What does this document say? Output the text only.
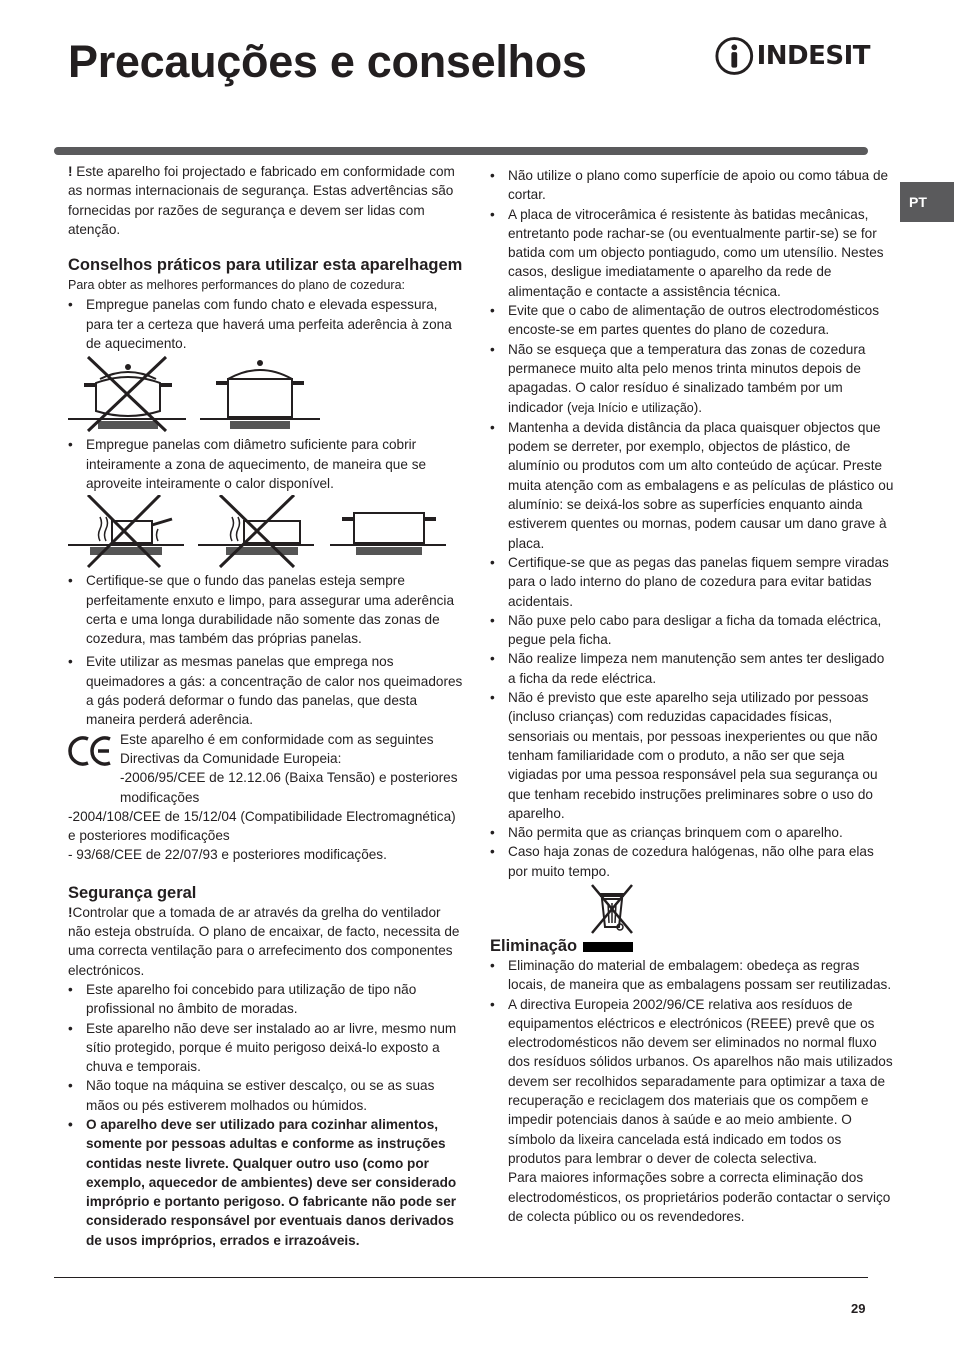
Precauções e conselhos	INDESIT
PT

! Este aparelho foi projectado e fabricado em conformidade com as normas internacionais de segurança. Estas advertências são fornecidas por razões de segurança e devem ser lidas com atenção.

Conselhos práticos para utilizar esta aparelhagem

Para obter as melhores performances do plano de cozedura:

• Empregue panelas com fundo chato e elevada espessura, para ter a certeza que haverá uma perfeita aderência à zona de aquecimento.
• Empregue panelas com diâmetro suficiente para cobrir inteiramente a zona de aquecimento, de maneira que se aproveite inteiramente o calor disponível.
• Certifique-se que o fundo das panelas esteja sempre perfeitamente enxuto e limpo, para assegurar uma aderência certa e uma longa durabilidade não somente das zonas de cozedura, mas também das próprias panelas.
• Evite utilizar as mesmas panelas que emprega nos queimadores a gás: a concentração de calor nos queimadores a gás poderá deformar o fundo das panelas, que desta maneira perderá aderência.

Este aparelho é em conformidade com as seguintes Directivas da Comunidade Europeia:

-2006/95/CEE de 12.12.06 (Baixa Tensão) e posteriores modificações

-2004/108/CEE de 15/12/04 (Compatibilidade Electromagnética) e posteriores modificações

- 93/68/CEE de 22/07/93 e posteriores modificações.

Segurança geral

!Controlar que a tomada de ar através da grelha do ventilador não esteja obstruída. O plano de encaixar, de facto, necessita de uma correcta ventilação para o arrefecimento dos componentes electrónicos.

• Este aparelho foi concebido para utilização de tipo não profissional no âmbito de moradas.
• Este aparelho não deve ser instalado ao ar livre, mesmo num sítio protegido, porque é muito perigoso deixá-lo exposto a chuva e temporais.
• Não toque na máquina se estiver descalço, ou se as suas mãos ou pés estiverem molhados ou húmidos.
• O aparelho deve ser utilizado para cozinhar alimentos, somente por pessoas adultas e conforme as instruções contidas neste livrete. Qualquer outro uso (como por exemplo, aquecedor de ambientes) deve ser considerado impróprio e portanto perigoso. O fabricante não pode ser considerado responsável por eventuais danos derivados de usos impróprios, errados e irrazoáveis.
• Não utilize o plano como superfície de apoio ou como tábua de cortar.
• A placa de vitrocerâmica é resistente às batidas mecânicas, entretanto pode rachar-se (ou eventualmente partir-se) se for batida com um objecto pontiagudo, como um utensílio. Nestes casos, desligue imediatamente o aparelho da rede de alimentação e contacte a assistência técnica.
• Evite que o cabo de alimentação de outros electrodomésticos encoste-se em partes quentes do plano de cozedura.
• Não se esqueça que a temperatura das zonas de cozedura permanece muito alta pelo menos trinta minutos depois de apagadas. O calor resíduo é sinalizado também por um indicador (veja Início e utilização).
• Mantenha a devida distância da placa quaisquer objectos que podem se derreter, por exemplo, objectos de plástico, de alumínio ou produtos com um alto conteúdo de açúcar. Preste muita atenção com as embalagens e as películas de plástico ou alumínio: se deixá-los sobre as superfícies enquanto ainda estiverem quentes ou mornas, podem causar um dano grave à placa.
• Certifique-se que as pegas das panelas fiquem sempre viradas para o lado interno do plano de cozedura para evitar batidas acidentais.
• Não puxe pelo cabo para desligar a ficha da tomada eléctrica, pegue pela ficha.
• Não realize limpeza nem manutenção sem antes ter desligado a ficha da rede eléctrica.
• Não é previsto que este aparelho seja utilizado por pessoas (incluso crianças) com reduzidas capacidades físicas, sensoriais ou mentais, por pessoas inexperientes ou que não tenham familiaridade com o produto, a não ser que seja vigiadas por uma pessoa responsável pela sua segurança ou que tenham recebido instruções preliminares sobre o uso do aparelho.
• Não permita que as crianças brinquem com o aparelho.
• Caso haja zonas de cozedura halógenas, não olhe para elas por muito tempo.
Eliminação
• Eliminação do material de embalagem: obedeça as regras locais, de maneira que as embalagens possam ser reutilizadas.
• A directiva Europeia 2002/96/CE relativa aos resíduos de equipamentos eléctricos e electrónicos (REEE) prevê que os electrodomésticos não devem ser eliminados no normal fluxo dos resíduos sólidos urbanos. Os aparelhos não mais utilizados devem ser recolhidos separadamente para optimizar a taxa de recuperação e reciclagem dos materiais que os compõem e impedir potenciais danos à saúde e ao meio ambiente. O símbolo da lixeira cancelada está indicado em todos os produtos para lembrar o dever de colecta selectiva.

Para maiores informações sobre a correcta eliminação dos electrodomésticos, os proprietários poderão contactar o serviço de colecta público ou os revendedores.

29
